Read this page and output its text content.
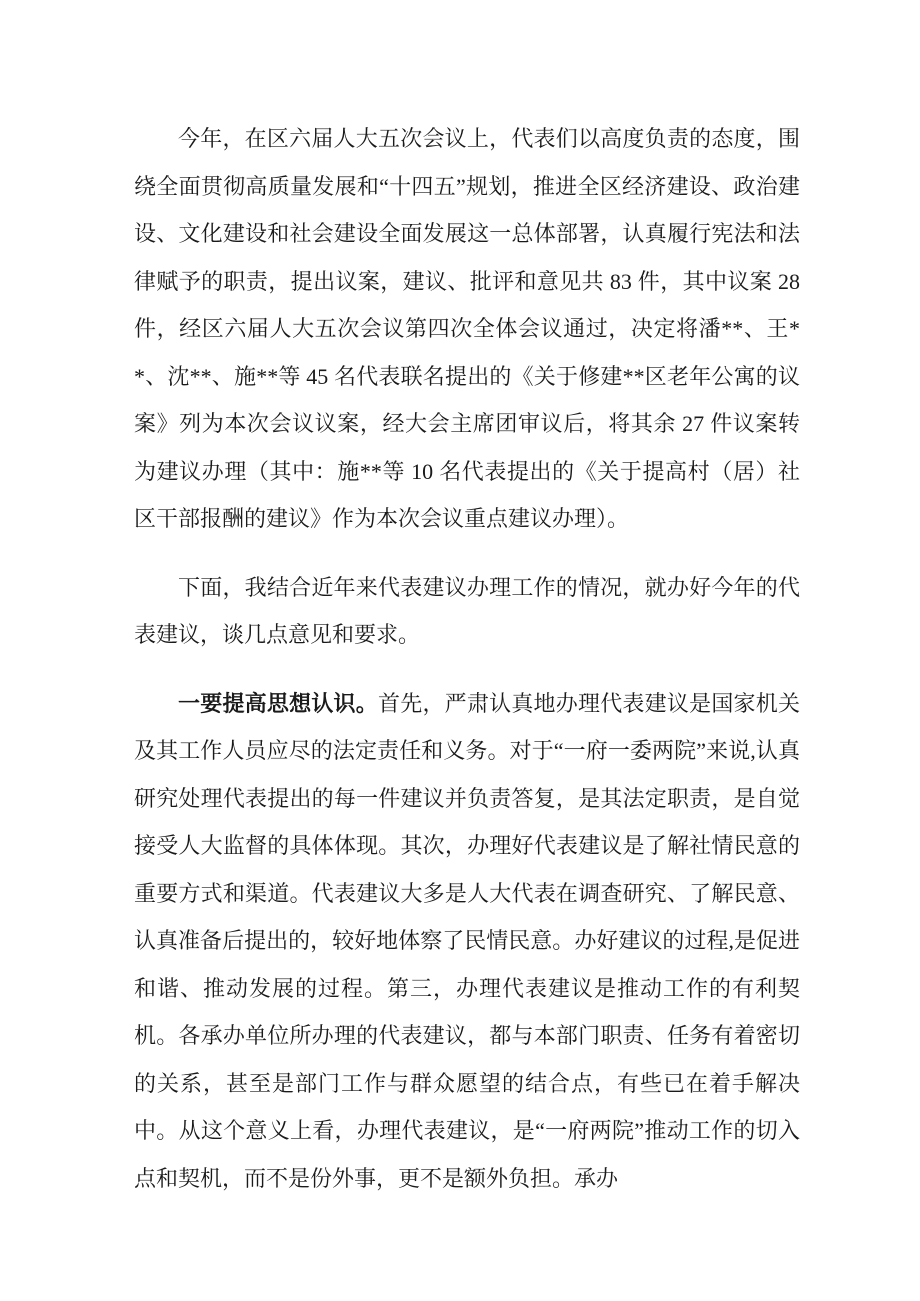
今年，在区六届人大五次会议上，代表们以高度负责的态度，围绕全面贯彻高质量发展和“十四五”规划，推进全区经济建设、政治建设、文化建设和社会建设全面发展这一总体部署，认真履行宪法和法律赋予的职责，提出议案，建议、批评和意见共 83 件，其中议案 28 件，经区六届人大五次会议第四次全体会议通过，决定将潘**、王**、沈**、施**等 45 名代表联名提出的《关于修建**区老年公寓的议案》列为本次会议议案，经大会主席团审议后，将其余 27 件议案转为建议办理（其中：施**等 10 名代表提出的《关于提高村（居）社区干部报酬的建议》作为本次会议重点建议办理）。

下面，我结合近年来代表建议办理工作的情况，就办好今年的代表建议，谈几点意见和要求。

一要提高思想认识。首先，严肃认真地办理代表建议是国家机关及其工作人员应尽的法定责任和义务。对于“一府一委两院”来说,认真研究处理代表提出的每一件建议并负责答复，是其法定职责，是自觉接受人大监督的具体体现。其次，办理好代表建议是了解社情民意的重要方式和渠道。代表建议大多是人大代表在调查研究、了解民意、认真准备后提出的，较好地体察了民情民意。办好建议的过程,是促进和谐、推动发展的过程。第三，办理代表建议是推动工作的有利契机。各承办单位所办理的代表建议，都与本部门职责、任务有着密切的关系，甚至是部门工作与群众愿望的结合点，有些已在着手解决中。从这个意义上看，办理代表建议，是“一府两院”推动工作的切入点和契机，而不是份外事，更不是额外负担。承办
